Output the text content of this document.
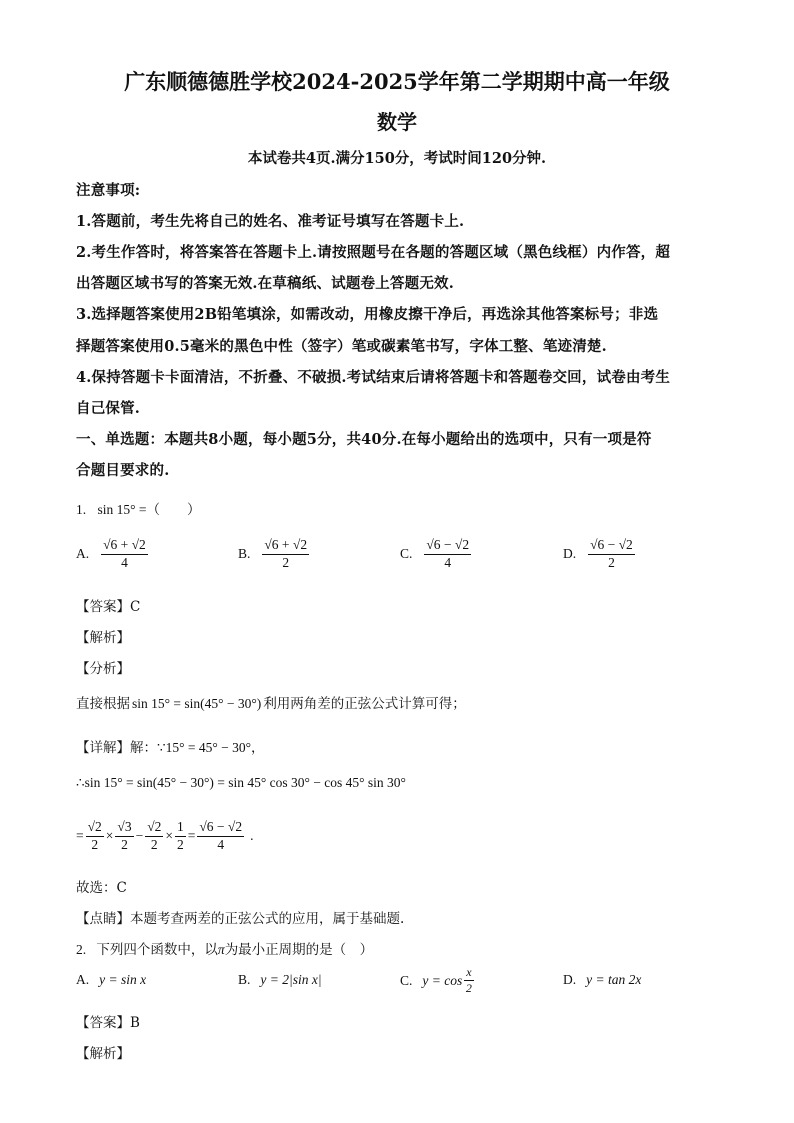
广东顺德德胜学校2024-2025学年第二学期期中高一年级
数学
本试卷共4页.满分150分，考试时间120分钟.
注意事项:
1.答题前，考生先将自己的姓名、准考证号填写在答题卡上.
2.考生作答时，将答案答在答题卡上.请按照题号在各题的答题区域（黑色线框）内作答，超
出答题区域书写的答案无效.在草稿纸、试题卷上答题无效.
3.选择题答案使用2B铅笔填涂，如需改动，用橡皮擦干净后，再选涂其他答案标号；非选
择题答案使用0.5毫米的黑色中性（签字）笔或碳素笔书写，字体工整、笔迹清楚.
4.保持答题卡卡面清洁，不折叠、不破损.考试结束后请将答题卡和答题卷交回，试卷由考生
自己保管.
一、单选题：本题共8小题，每小题5分，共40分.在每小题给出的选项中，只有一项是符
合题目要求的.
1. sin 15° =（　　）
A. $\frac{√6 + √2}{4}$	B. $\frac{√6 + √2}{2}$	C. $\frac{√6 - √2}{4}$	D. $\frac{√6 - √2}{2}$
【答案】C
【解析】
【分析】
直接根据 sin 15° = sin(45° − 30°) 利用两角差的正弦公式计算可得；
【详解】解：∵15° = 45° − 30°，
∴sin 15° = sin(45° − 30°) = sin 45° cos 30° − cos 45° sin 30°
= $\frac{√2}{2} \times \frac{√3}{2} - \frac{√2}{2} \times \frac{1}{2} = \frac{√6 - √2}{4}$ .
故选：C
【点睛】本题考查两差的正弦公式的应用，属于基础题.
2. 下列四个函数中，以π为最小正周期的是（　）
A. y = sin x	B. y = 2|sin x|	C. $y = \cos \frac{x}{2}$	D. y = tan 2x
【答案】B
【解析】
